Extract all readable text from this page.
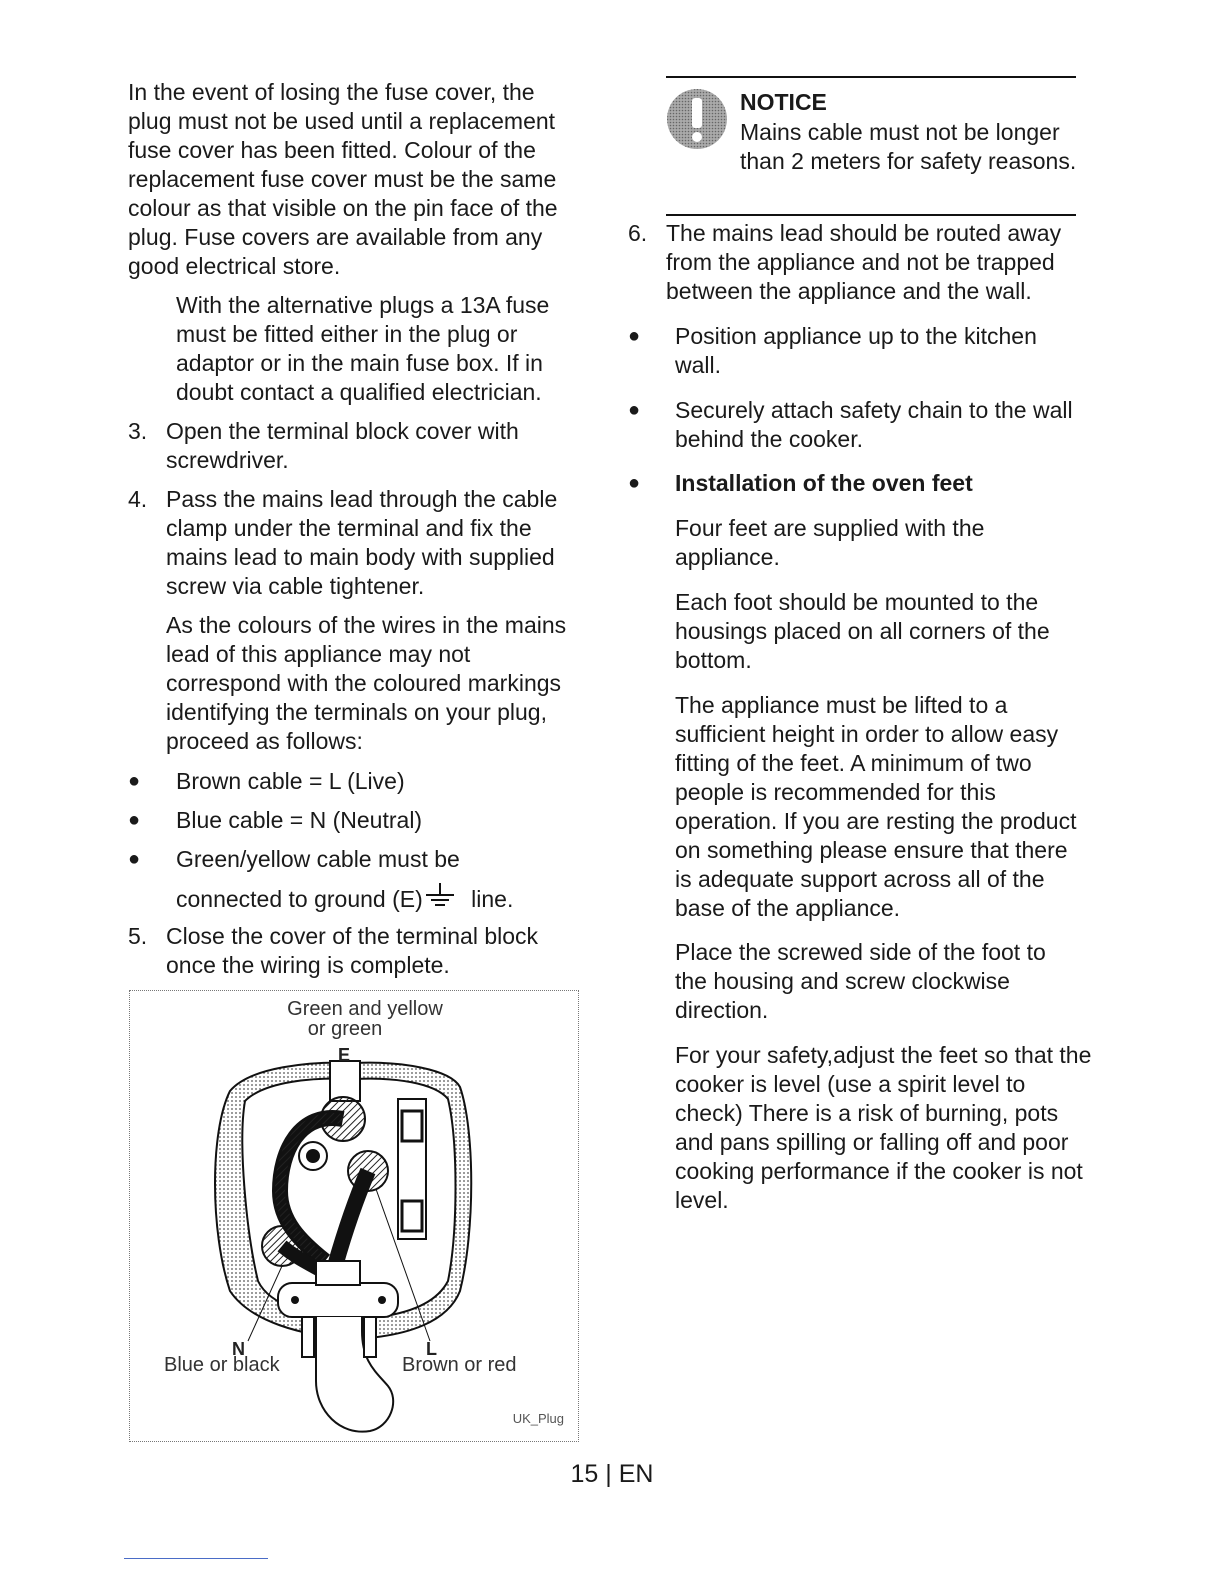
In the event of losing the fuse cover, the plug must not be used until a replacement fuse cover has been fitted. Colour of the replacement fuse cover must be the same colour as that visible on the pin face of the plug. Fuse covers are available from any good electrical store.

With the alternative plugs a 13A fuse must be fitted either in the plug or adaptor or in the main fuse box. If in doubt contact a qualified electrician.

3. Open the terminal block cover with screwdriver.

4. Pass the mains lead through the cable clamp under the terminal and fix the mains lead to main body with supplied screw via cable tightener.

As the colours of the wires in the mains lead of this appliance may not correspond with the coloured markings identifying the terminals on your plug, proceed as follows:

● Brown cable = L (Live)

● Blue cable = N (Neutral)

● Green/yellow cable must be

connected to ground (E) line.

5. Close the cover of the terminal block once the wiring is complete.

Green and yellow
or green
E
N	L
Blue or black	Brown or red
UK_Plug
NOTICE

Mains cable must not be longer than 2 meters for safety reasons.

6. The mains lead should be routed away from the appliance and not be trapped between the appliance and the wall.

● Position appliance up to the kitchen wall.

● Securely attach safety chain to the wall behind the cooker.

● Installation of the oven feet

Four feet are supplied with the appliance.

Each foot should be mounted to the housings placed on all corners of the bottom.

The appliance must be lifted to a sufficient height in order to allow easy fitting of the feet. A minimum of two people is recommended for this operation. If you are resting the product on something please ensure that there is adequate support across all of the base of the appliance.

Place the screwed side of the foot to the housing and screw clockwise direction.

For your safety,adjust the feet so that the cooker is level (use a spirit level to check) There is a risk of burning, pots and pans spilling or falling off and poor cooking performance if the cooker is not level.

15 | EN
